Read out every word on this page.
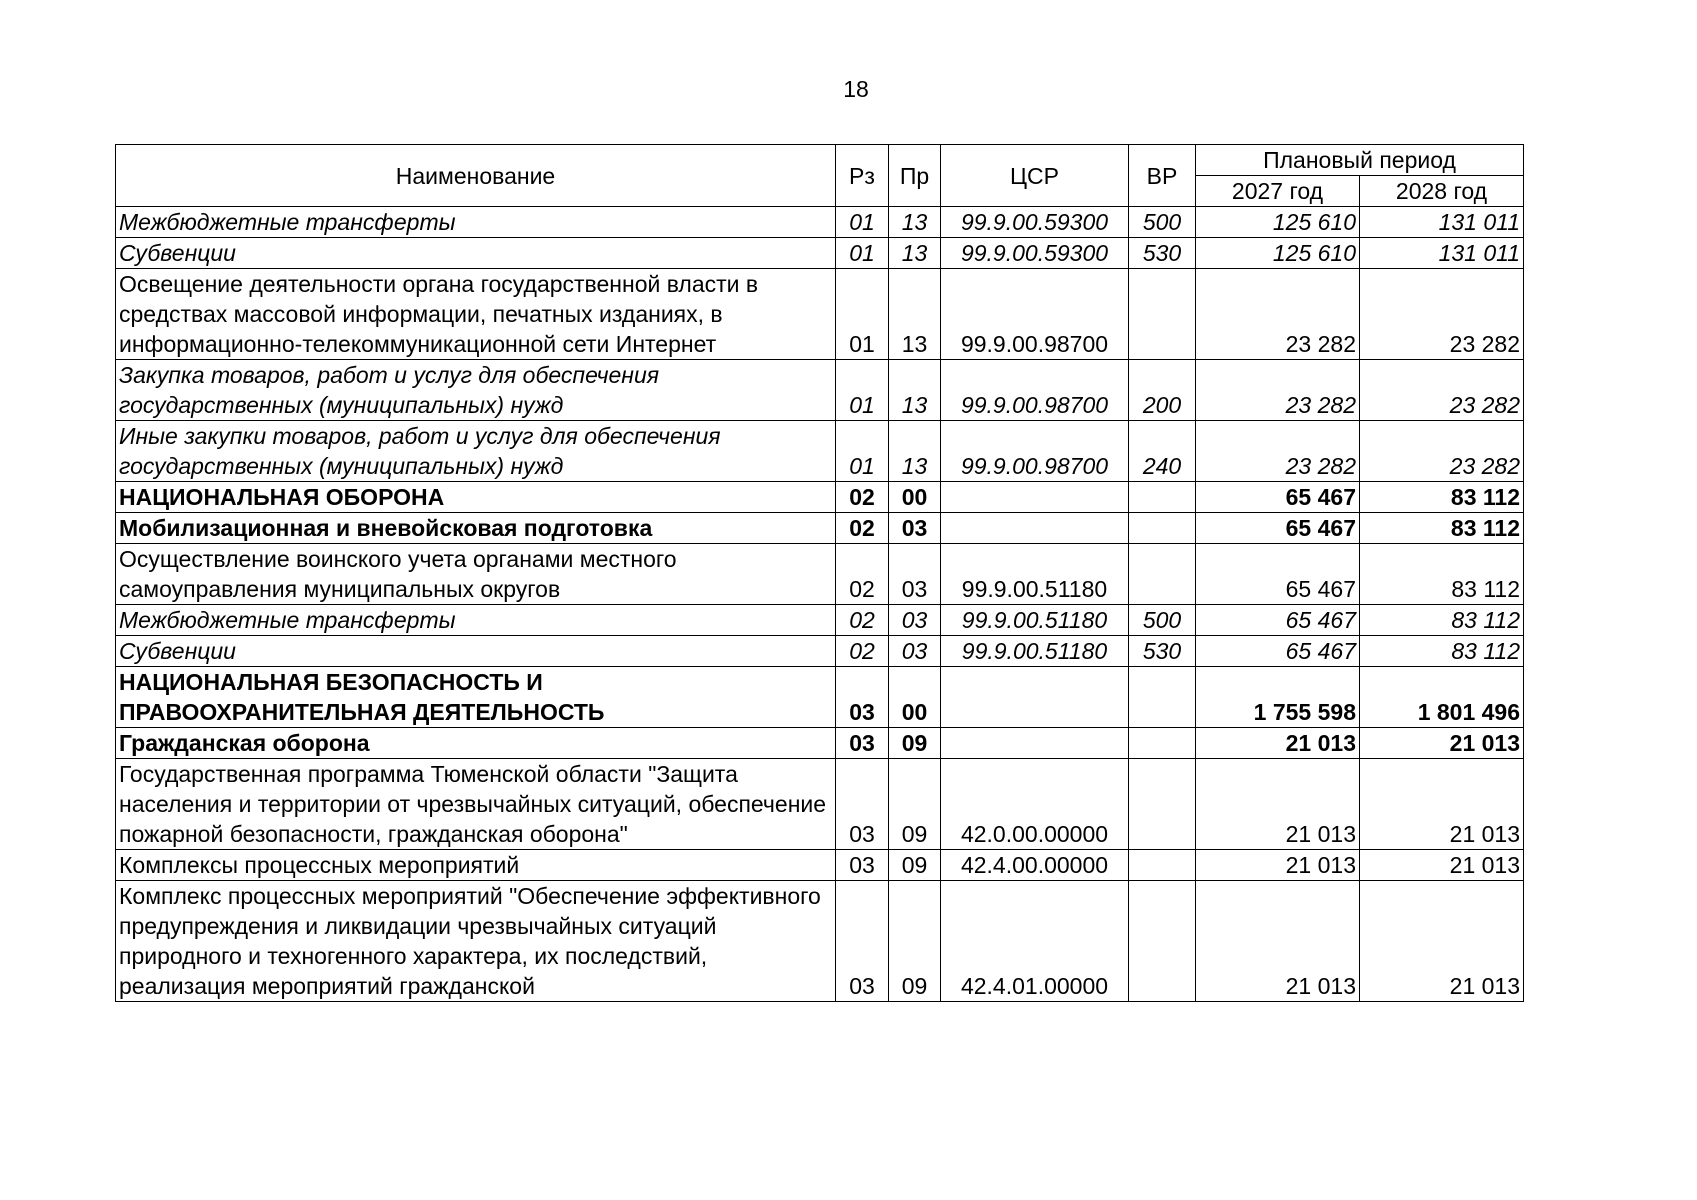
18
Наименование	Рз	Пр	ЦСР	ВР	Плановый период	
					2027 год	2028 год
Межбюджетные трансферты	01	13	99.9.00.59300	500	125 610	131 011
Субвенции	01	13	99.9.00.59300	530	125 610	131 011
Освещение деятельности органа государственной власти в средствах массовой информации, печатных изданиях, в информационно-телекоммуникационной сети Интернет	01	13	99.9.00.98700		23 282	23 282
Закупка товаров, работ и услуг для обеспечения государственных (муниципальных) нужд	01	13	99.9.00.98700	200	23 282	23 282
Иные закупки товаров, работ и услуг для обеспечения государственных (муниципальных) нужд	01	13	99.9.00.98700	240	23 282	23 282
НАЦИОНАЛЬНАЯ ОБОРОНА	02	00			65 467	83 112
Мобилизационная и вневойсковая подготовка	02	03			65 467	83 112
Осуществление воинского учета органами местного самоуправления муниципальных округов	02	03	99.9.00.51180		65 467	83 112
Межбюджетные трансферты	02	03	99.9.00.51180	500	65 467	83 112
Субвенции	02	03	99.9.00.51180	530	65 467	83 112
НАЦИОНАЛЬНАЯ БЕЗОПАСНОСТЬ И ПРАВООХРАНИТЕЛЬНАЯ ДЕЯТЕЛЬНОСТЬ	03	00			1 755 598	1 801 496
Гражданская оборона	03	09			21 013	21 013
Государственная программа Тюменской области "Защита населения и территории от чрезвычайных ситуаций, обеспечение пожарной безопасности, гражданская оборона"	03	09	42.0.00.00000		21 013	21 013
Комплексы процессных мероприятий	03	09	42.4.00.00000		21 013	21 013
Комплекс процессных мероприятий "Обеспечение эффективного предупреждения и ликвидации чрезвычайных ситуаций природного и техногенного характера, их последствий, реализация мероприятий гражданской	03	09	42.4.01.00000		21 013	21 013
